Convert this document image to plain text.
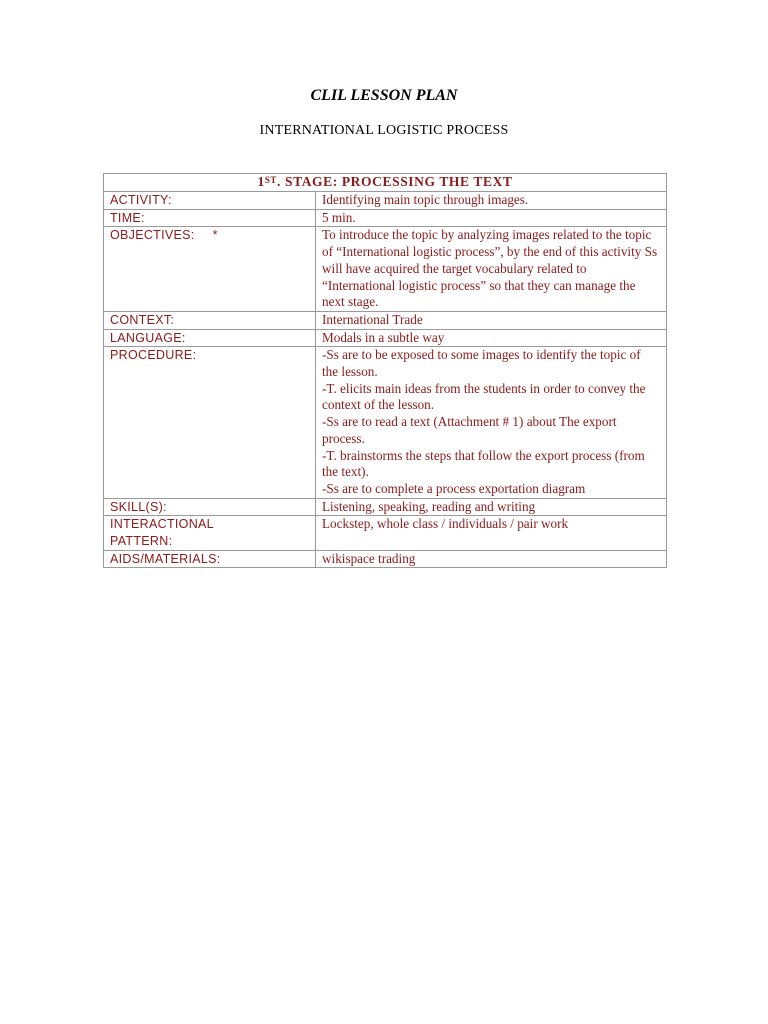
CLIL LESSON PLAN

INTERNATIONAL LOGISTIC PROCESS

1ST. STAGE: PROCESSING THE TEXT	
ACTIVITY:	Identifying main topic through images.
TIME:	5 min.
OBJECTIVES: *	To introduce the topic by analyzing images related to the topic of “International logistic process”, by the end of this activity Ss will have acquired the target vocabulary related to “International logistic process” so that they can manage the next stage.
CONTEXT:	International Trade
LANGUAGE:	Modals in a subtle way
PROCEDURE:	-Ss are to be exposed to some images to identify the topic of the lesson.
-T. elicits main ideas from the students in order to convey the context of the lesson.
-Ss are to read a text (Attachment # 1) about The export process.
-T. brainstorms the steps that follow the export process (from the text).
-Ss are to complete a process exportation diagram

SKILL(S):	Listening, speaking, reading and writing

INTERACTIONAL
PATTERN:	Lockstep, whole class / individuals / pair work
AIDS/MATERIALS:	wikispace trading
